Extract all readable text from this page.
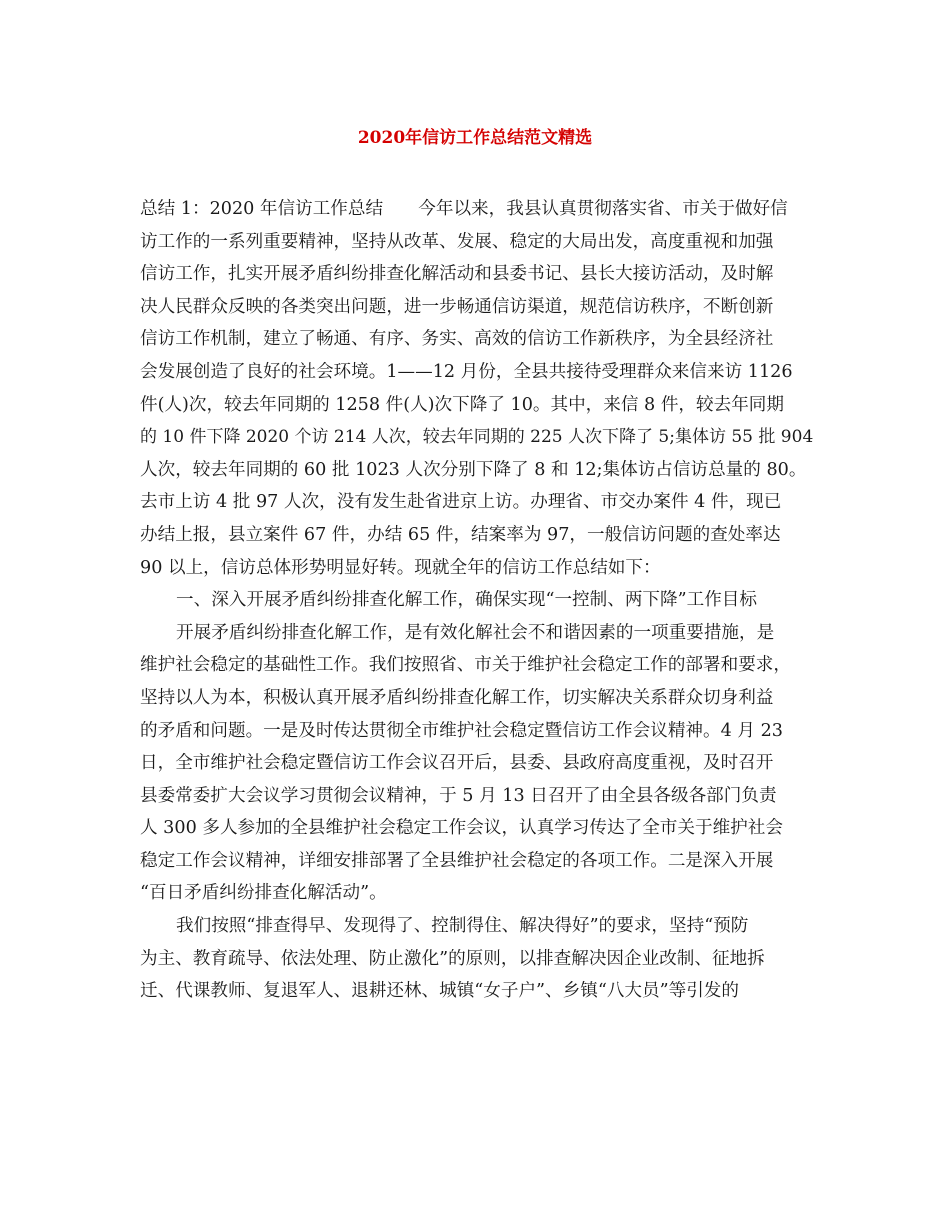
2020年信访工作总结范文精选
总结 1：2020 年信访工作总结　　今年以来，我县认真贯彻落实省、市关于做好信
访工作的一系列重要精神，坚持从改革、发展、稳定的大局出发，高度重视和加强
信访工作，扎实开展矛盾纠纷排查化解活动和县委书记、县长大接访活动，及时解
决人民群众反映的各类突出问题，进一步畅通信访渠道，规范信访秩序，不断创新
信访工作机制，建立了畅通、有序、务实、高效的信访工作新秩序，为全县经济社
会发展创造了良好的社会环境。1——12 月份，全县共接待受理群众来信来访 1126
件(人)次，较去年同期的 1258 件(人)次下降了 10。其中，来信 8 件，较去年同期
的 10 件下降 2020 个访 214 人次，较去年同期的 225 人次下降了 5;集体访 55 批 904
人次，较去年同期的 60 批 1023 人次分别下降了 8 和 12;集体访占信访总量的 80。
去市上访 4 批 97 人次，没有发生赴省进京上访。办理省、市交办案件 4 件，现已
办结上报，县立案件 67 件，办结 65 件，结案率为 97，一般信访问题的查处率达
90 以上，信访总体形势明显好转。现就全年的信访工作总结如下：
一、深入开展矛盾纠纷排查化解工作，确保实现“一控制、两下降”工作目标
开展矛盾纠纷排查化解工作，是有效化解社会不和谐因素的一项重要措施，是
维护社会稳定的基础性工作。我们按照省、市关于维护社会稳定工作的部署和要求，
坚持以人为本，积极认真开展矛盾纠纷排查化解工作，切实解决关系群众切身利益
的矛盾和问题。一是及时传达贯彻全市维护社会稳定暨信访工作会议精神。4 月 23
日，全市维护社会稳定暨信访工作会议召开后，县委、县政府高度重视，及时召开
县委常委扩大会议学习贯彻会议精神，于 5 月 13 日召开了由全县各级各部门负责
人 300 多人参加的全县维护社会稳定工作会议，认真学习传达了全市关于维护社会
稳定工作会议精神，详细安排部署了全县维护社会稳定的各项工作。二是深入开展
“百日矛盾纠纷排查化解活动”。
我们按照“排查得早、发现得了、控制得住、解决得好”的要求，坚持“预防
为主、教育疏导、依法处理、防止激化”的原则，以排查解决因企业改制、征地拆
迁、代课教师、复退军人、退耕还林、城镇“女子户”、乡镇“八大员”等引发的
